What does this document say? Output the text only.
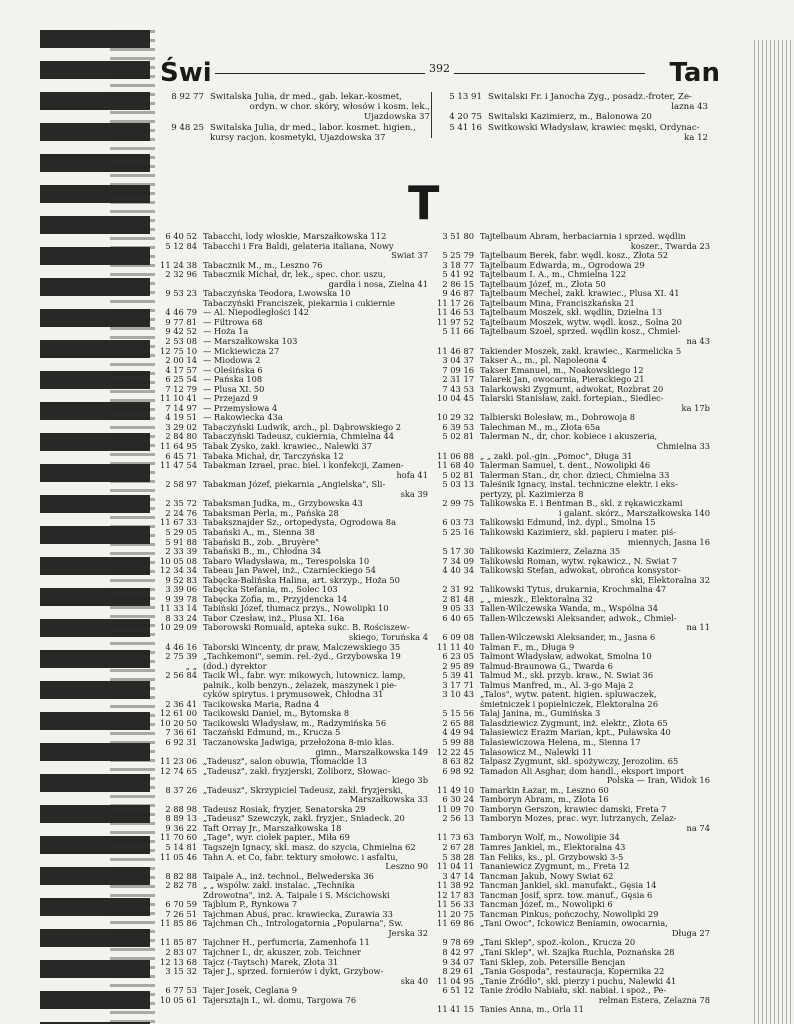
Świ	392	Tan
8 92 77 Świtalska Julia, dr med., gab. lekar.-kosmet,
ordyn. w chor. skóry, włosów i kosm. lek.,
Ujazdowska 37
9 48 25 Świtalska Julia, dr med., labor. kosmet. higien.,
kursy racjon. kosmetyki, Ujazdowska 37
5 13 91 Świtalski Fr. i Janocha Zyg., posadz.-froter, Że-
lazna 43
4 20 75 Świtalski Kazimierz, m., Balonowa 20
5 41 16 Świtkowski Władysław, krawiec męski, Ordynac-
ka 12
T
6 40 52 Tabacchi, lody włoskie, Marszałkowska 112
5 12 84 Tabacchi i Fra Baldi, gelateria italiana, Nowy
Świat 37
11 24 38 Tabacznik M., m., Leszno 76
2 32 96 Tabacznik Michał, dr, lek., spec. chor. uszu,
gardła i nosa, Zielna 41
9 53 23 Tabaczyńska Teodora, Lwowska 10
Tabaczyński Franciszek, piekarnia i cukiernie
4 46 79 — Al. Niepodległości 142
9 77 81 — Filtrowa 68
9 42 52 — Hoża 1a
2 53 08 — Marszałkowska 103
12 75 10 — Mickiewicza 27
2 00 14 — Miodowa 2
4 17 57 — Oleśińska 6
6 25 54 — Pańska 108
7 12 79 — Plusa XI. 50
11 10 41 — Przejazd 9
7 14 97 — Przemysłowa 4
4 19 51 — Rakowiecka 43a
3 29 02 Tabaczyński Ludwik, arch., pl. Dąbrowskiego 2
2 84 80 Tabaczyński Tadeusz, cukiernia, Chmielna 44
11 64 95 Tabak Zysko, zakł. krawiec., Nalewki 37
6 45 71 Tabaka Michał, dr, Tarczyńska 12
11 47 54 Tabakman Izrael, prac. biel. i konfekcji, Zamen-
hofa 41
2 58 97 Tabakman Józef, piekarnia „Angielska", Śli-
ska 39
2 35 72 Tabaksman Judka, m., Grzybowska 43
2 24 76 Tabaksman Perla, m., Pańska 28
11 67 33 Tabaksznajder Sz., ortopedysta, Ogrodowa 8a
5 29 05 Tabański A., m., Sienna 38
5 91 88 Tabański B., zob. „Bruyère"
2 33 39 Tabański B., m., Chłodna 34
10 05 08 Tabaro Władysława, m., Terespolska 10
12 34 34 Tabeau Jan Paweł, inż., Czarnieckiego 54
9 52 83 Tabęcka-Balińska Halina, art. skrzyp., Hoża 50
3 39 06 Tabęcka Stefania, m., Solec 103
9 39 78 Tabęcka Zofia, m., Przyjdencka 14
11 33 14 Tabiński Józef, tłumacz przys., Nowolipki 10
8 33 24 Tabor Czesław, inż., Plusa XI. 16a
10 29 09 Taborowski Romuald, apteka sukc. B. Rościszew-
skiego, Toruńska 4
4 46 16 Taborski Wincenty, dr praw, Malczewskiego 35
2 75 39 „Tachkemoni", semin. rel.-żyd., Grzybowska 19
„ „ (dod.) dyrektor
2 56 84 Tacik Wł., fabr. wyr. mikowych, lutownicz. lamp,
palnik., kolb benzyn., żelazek, maszynek i pie-
cyków spirytus. i prymusowek, Chłodna 31
2 36 41 Tacikowska Maria, Radna 4
12 61 00 Tacikowski Daniel, m., Bytomska 8
10 20 50 Tacikowski Władysław, m., Radzymińska 56
7 36 61 Taczański Edmund, m., Krucza 5
6 92 31 Taczanowska Jadwiga, przełożona 8-mio klas.
gimn., Marszałkowska 149
11 23 06 „Tadeusz", salon obuwia, Tłomackie 13
12 74 65 „Tadeusz", zakł. fryzjerski, Żoliborz, Słowac-
kiego 3b
8 37 26 „Tadeusz", Skrzypiciel Tadeusz, zakł. fryzjerski,
Marszałkowska 33
2 88 98 Tadeusz Rosiak, fryzjer, Senatorska 29
8 89 13 „Tadeusz" Szewczyk, zakł. fryzjer., Śniadeck. 20
9 36 22 Taft Orray Jr., Marszałkowska 18
11 70 60 „Tage", wyr. ciołek papier., Miła 69
5 14 81 Tagszejn Ignacy, skł. masz. do szycia, Chmielna 62
11 05 46 Tahn A. et Co, fabr. tektury smołowc. i asfaltu,
Leszno 90
8 82 88 Taipale A., inż. technol., Belwederska 36
2 82 78 „ „ wspólw. zakł. instalac. „Technika
Zdrowotna", inż. A. Taipale i S. Mścichowski
6 70 59 Tajblum P., Rynkowa 7
7 26 51 Tajchman Abuś, prac. krawiecka, Żurawia 33
11 85 86 Tajchman Ch., Intrologatornia „Popularna", Św.
Jerska 32
11 85 87 Tajchner H., perfumcria, Zamenhofa 11
2 83 07 Tajchner I., dr, akuszer, zob. Teichner
12 13 68 Tajcz (-Taytsch) Marek, Złota 31
3 15 32 Tajer J., sprzed. fornierów i dykt, Grzybow-
ska 40
6 77 53 Tajer Josek, Ceglana 9
10 05 61 Tajersztajn I., wł. domu, Targowa 76
3 51 80 Tajtelbaum Abram, herbaciarnia i sprzed. wędlin
koszer., Twarda 23
5 25 79 Tajtelbaum Berek, fabr. wędl. kosz., Złota 52
3 18 77 Tajtelbaum Edwarda, m., Ogrodowa 29
5 41 92 Tajtelbaum I. A., m., Chmielna 122
2 86 15 Tajtelbaum Józef, m., Złota 50
9 46 87 Tajtelbaum Mechel, zakł. krawiec., Plusa XI. 41
11 17 26 Tajtelbaum Mina, Franciszkańska 21
11 46 53 Tajtelbaum Moszek, skł. wędlin, Dzielna 13
11 97 52 Tajtelbaum Moszek, wytw. wędl. kosz., Solna 20
5 11 66 Tajtelbaum Szoel, sprzed. wędlin kosz., Chmiel-
na 43
11 46 87 Takiender Moszek, zakł. krawiec., Karmelicka 5
3 04 37 Takser A., m., pl. Napoleona 4
7 09 16 Takser Emanuel, m., Noakowskiego 12
2 31 17 Talarek Jan, owocarnia, Pierackiego 21
7 43 53 Talarkowski Zygmunt, adwokat, Rozbrat 20
10 04 45 Talarski Stanisław, zakł. fortepian., Siedlec-
ka 17b
10 29 32 Talbierski Bolesław, m., Dobrowoja 8
6 39 53 Talechman M., m., Złota 65a
5 02 81 Talerman N., dr, chor. kobiece i akuszeria,
Chmielna 33
11 06 88 „ „ zakł. pol.-gin. „Pomoc", Długa 31
11 68 40 Talerman Samuel, t. dent., Nowolipki 46
5 02 81 Talerman Stan., dr, chor. dzieci, Chmielna 33
5 03 13 Taleśnik Ignacy, instal. techniczne elektr. i eks-
pertyzy, pl. Kazimierza 8
2 99 75 Talikowska E. i Bentman B., skl. z rękawiczkami
i galant. skórz., Marszałkowska 140
6 03 73 Talikowski Edmund, inż. dypl., Smolna 15
5 25 16 Talikowski Kazimierz, skł. papieru i mater. piś-
miennych, Jasna 16
5 17 30 Talikowski Kazimierz, Żelazna 35
7 34 09 Talikowski Roman, wytw. rękawicz., N. Świat 7
4 40 34 Talikowski Stefan, adwokat, obrońca konsystor-
ski, Elektoralna 32
2 31 92 Talikowski Tytus, drukarnia, Krochmalna 47
2 81 48 „ „ mieszk., Elektoralna 32
9 05 33 Tallen-Wilczewska Wanda, m., Wspólna 34
6 40 65 Tallen-Wilczewski Aleksander, adwok., Chmiel-
na 11
6 09 08 Tallen-Wilczewski Aleksander, m., Jasna 6
11 11 40 Talman F., m., Długa 9
6 23 05 Talmont Władysław, adwokat, Smolna 10
2 95 89 Talmud-Braunowa G., Twarda 6
5 39 41 Talmud M., skł. przyb. kraw., N. Świat 36
3 17 71 Talmus Manfred, m., Al. 3-go Maja 2
3 10 43 „Talos", wytw. patent. higien. spluwaczek,
śmietniczek i popielniczek, Elektoralna 26
5 15 56 Talaj Janina, m., Gumińska 3
2 65 88 Talasdziewicz Zygmunt, inż. elektr., Złota 65
4 49 94 Talasiewicz Erazm Marian, kpt., Puławska 40
5 99 88 Talasiewiczowa Helena, m., Sienna 17
12 22 45 Talasowicz M., Nalewki 11
8 63 82 Talpasz Zygmunt, skl. spożywczy, Jerozolim. 65
6 98 92 Tamadon Ali Asghar, dom handl., eksport import
Polska — Iran, Widok 16
11 49 10 Tamarkin Łazar, m., Leszno 60
6 30 24 Tamboryn Abram, m., Złota 16
11 09 70 Tamboryn Gerszon, krawiec damski, Freta 7
2 56 13 Tamboryn Mozes, prac. wyr. lutrzanych, Żelaz-
na 74
11 73 63 Tamboryn Wolf, m., Nowolipie 34
2 67 28 Tamres Jankiel, m., Elektoralna 43
5 38 28 Tan Feliks, ks., pl. Grzybowski 3-5
11 04 11 Tananiewicz Zygmunt, m., Freta 12
3 47 14 Tancman Jakub, Nowy Świat 62
11 38 92 Tancman Jankiel, skl. manufakt., Gęsia 14
12 17 83 Tancman Josif, sprz. tow. manuf., Gęsia 6
11 56 33 Tancman Józef, m., Nowolipki 6
11 20 75 Tancman Pinkus, pończochy, Nowolipki 29
11 69 86 „Tani Owoc", Ickowicz Beniamin, owocarnia,
Długa 27
9 78 69 „Tani Sklep", spoż.-kolon., Krucza 20
8 42 97 „Tani Sklep", wł. Szajka Ruchla, Poznańska 28
9 34 07 Tani Sklep, zob. Petersille Bencjan
8 29 61 „Tania Gospoda", restauracja, Kopernika 22
11 04 95 „Tanie Źródło", skl. pierzy i puchu, Nalewki 41
6 51 12 Tanie źródło Nabiału, skł. nabiał. i spoż., Pe-
relman Estera, Żelazna 78
11 41 15 Tanies Anna, m., Orla 11
